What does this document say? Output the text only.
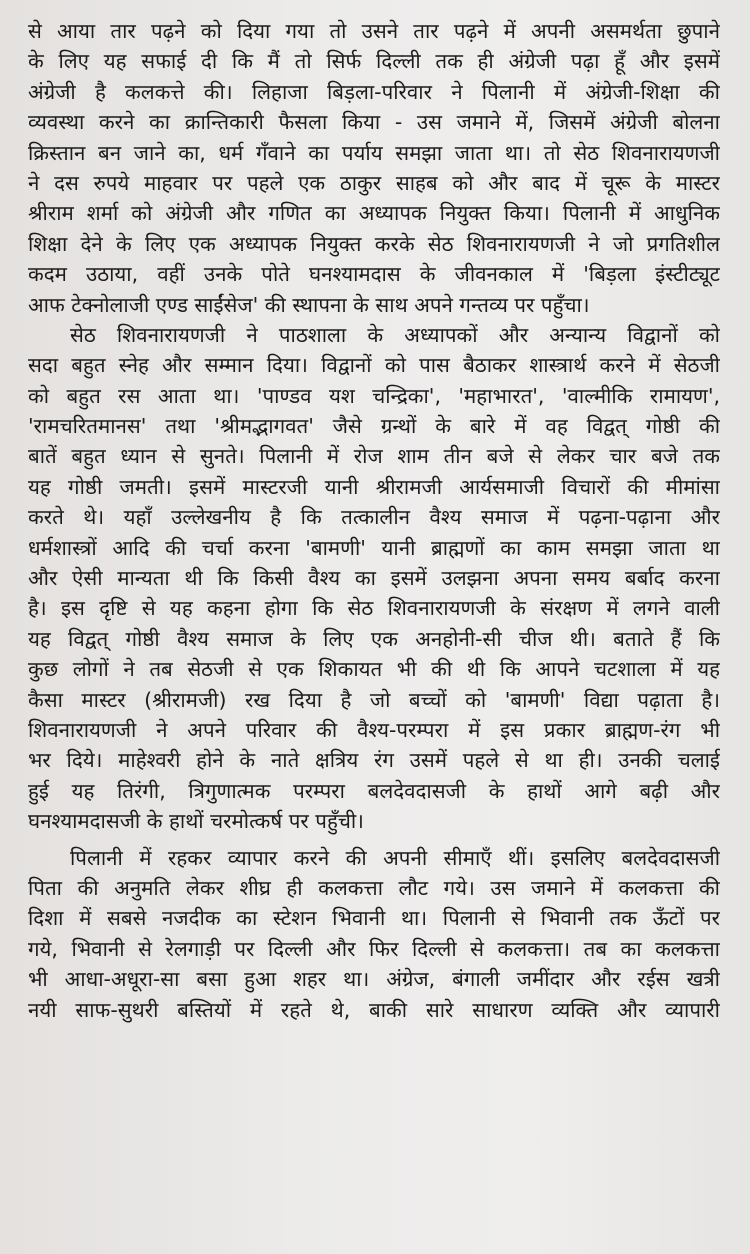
से आया तार पढ़ने को दिया गया तो उसने तार पढ़ने में अपनी असमर्थता छुपाने
के लिए यह सफाई दी कि मैं तो सिर्फ दिल्ली तक ही अंग्रेजी पढ़ा हूँ और इसमें
अंग्रेजी है कलकत्ते की। लिहाजा बिड़ला-परिवार ने पिलानी में अंग्रेजी-शिक्षा की
व्यवस्था करने का क्रान्तिकारी फैसला किया - उस जमाने में, जिसमें अंग्रेजी बोलना
क्रिस्तान बन जाने का, धर्म गँवाने का पर्याय समझा जाता था। तो सेठ शिवनारायणजी
ने दस रुपये माहवार पर पहले एक ठाकुर साहब को और बाद में चूरू के मास्टर
श्रीराम शर्मा को अंग्रेजी और गणित का अध्यापक नियुक्त किया। पिलानी में आधुनिक
शिक्षा देने के लिए एक अध्यापक नियुक्त करके सेठ शिवनारायणजी ने जो प्रगतिशील
कदम उठाया, वहीं उनके पोते घनश्यामदास के जीवनकाल में 'बिड़ला इंस्टीट्यूट
आफ टेक्नोलाजी एण्ड साईंसेज' की स्थापना के साथ अपने गन्तव्य पर पहुँचा।
सेठ शिवनारायणजी ने पाठशाला के अध्यापकों और अन्यान्य विद्वानों को
सदा बहुत स्नेह और सम्मान दिया। विद्वानों को पास बैठाकर शास्त्रार्थ करने में सेठजी
को बहुत रस आता था। 'पाण्डव यश चन्द्रिका', 'महाभारत', 'वाल्मीकि रामायण',
'रामचरितमानस' तथा 'श्रीमद्भागवत' जैसे ग्रन्थों के बारे में वह विद्वत् गोष्ठी की
बातें बहुत ध्यान से सुनते। पिलानी में रोज शाम तीन बजे से लेकर चार बजे तक
यह गोष्ठी जमती। इसमें मास्टरजी यानी श्रीरामजी आर्यसमाजी विचारों की मीमांसा
करते थे। यहाँ उल्लेखनीय है कि तत्कालीन वैश्य समाज में पढ़ना-पढ़ाना और
धर्मशास्त्रों आदि की चर्चा करना 'बामणी' यानी ब्राह्मणों का काम समझा जाता था
और ऐसी मान्यता थी कि किसी वैश्य का इसमें उलझना अपना समय बर्बाद करना
है। इस दृष्टि से यह कहना होगा कि सेठ शिवनारायणजी के संरक्षण में लगने वाली
यह विद्वत् गोष्ठी वैश्य समाज के लिए एक अनहोनी-सी चीज थी। बताते हैं कि
कुछ लोगों ने तब सेठजी से एक शिकायत भी की थी कि आपने चटशाला में यह
कैसा मास्टर (श्रीरामजी) रख दिया है जो बच्चों को 'बामणी' विद्या पढ़ाता है।
शिवनारायणजी ने अपने परिवार की वैश्य-परम्परा में इस प्रकार ब्राह्मण-रंग भी
भर दिये। माहेश्वरी होने के नाते क्षत्रिय रंग उसमें पहले से था ही। उनकी चलाई
हुई यह तिरंगी, त्रिगुणात्मक परम्परा बलदेवदासजी के हाथों आगे बढ़ी और
घनश्यामदासजी के हाथों चरमोत्कर्ष पर पहुँची।
पिलानी में रहकर व्यापार करने की अपनी सीमाएँ थीं। इसलिए बलदेवदासजी
पिता की अनुमति लेकर शीघ्र ही कलकत्ता लौट गये। उस जमाने में कलकत्ता की
दिशा में सबसे नजदीक का स्टेशन भिवानी था। पिलानी से भिवानी तक ऊँटों पर
गये, भिवानी से रेलगाड़ी पर दिल्ली और फिर दिल्ली से कलकत्ता। तब का कलकत्ता
भी आधा-अधूरा-सा बसा हुआ शहर था। अंग्रेज, बंगाली जमींदार और रईस खत्री
नयी साफ-सुथरी बस्तियों में रहते थे, बाकी सारे साधारण व्यक्ति और व्यापारी
